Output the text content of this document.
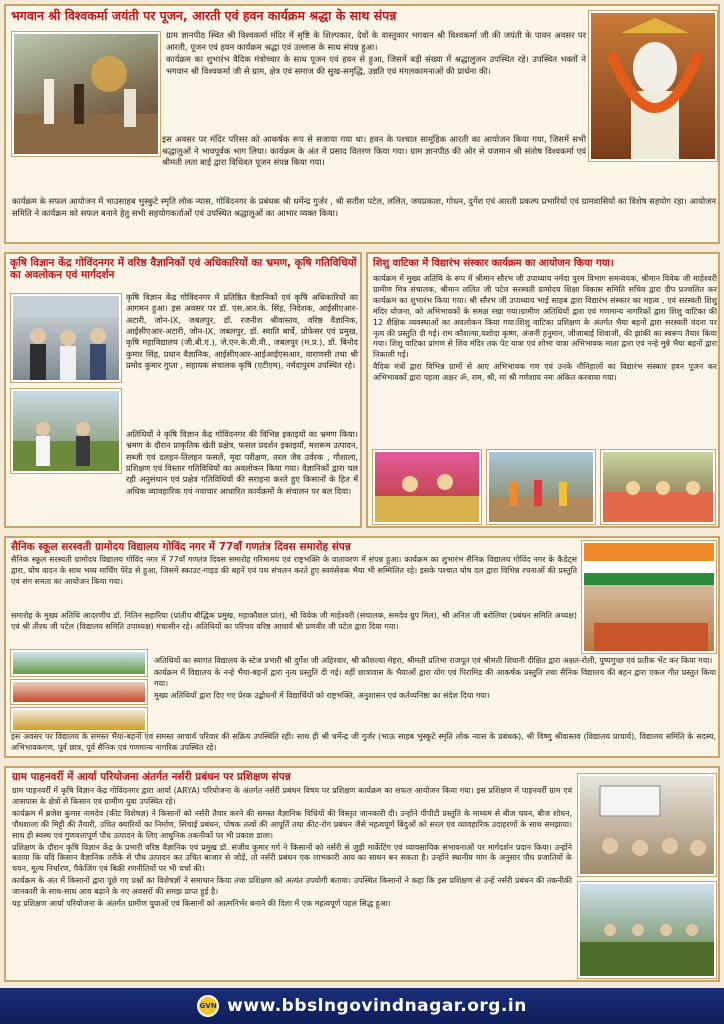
भगवान श्री विश्वकर्मा जयंती पर पूजन, आरती एवं हवन कार्यक्रम श्रद्धा के साथ संपन्न

ग्राम ज्ञानपीठ स्थित श्री विश्वकर्मा मंदिर में सृष्टि के शिल्पकार, देवों के वास्तुकार भगवान श्री विश्वकर्मा जी की जयंती के पावन अवसर पर आरती, पूजन एवं हवन कार्यक्रम श्रद्धा एवं उल्लास के साथ संपन्न हुआ।

कार्यक्रम का शुभारंभ वैदिक मंत्रोच्चार के साथ पूजन एवं हवन से हुआ, जिसमें बड़ी संख्या में श्रद्धालुजन उपस्थित रहे। उपस्थित भक्तों ने भगवान श्री विश्वकर्मा जी से ग्राम, क्षेत्र एवं समाज की सुख-समृद्धि, उन्नति एवं मंगलकामनाओं की प्रार्थना की।

इस अवसर पर मंदिर परिसर को आकर्षक रूप से सजाया गया था। हवन के पश्चात सामूहिक आरती का आयोजन किया गया, जिसमें सभी श्रद्धालुओं ने भावपूर्वक भाग लिया। कार्यक्रम के अंत में प्रसाद वितरण किया गया। ग्राम ज्ञानपीठ की ओर से यजमान श्री संतोष विश्वकर्मा एवं श्रीमती लता बाई द्वारा विधिवत पूजन संपन्न किया गया।

कार्यक्रम के सफल आयोजन में भाउसाहब भुस्कुटे स्मृति लोक न्यास, गोविंदनगर के प्रबंधक श्री धर्मेन्द्र गुर्जर , श्री सतीश पटेल, ललित, जयप्रकाश, गोधन, दुर्गेश एवं आरती प्रकल्प प्रभारियों एवं ग्रामवासियों का विशेष सहयोग रहा। आयोजन समिति ने कार्यक्रम को सफल बनाने हेतु सभी सहयोगकर्ताओं एवं उपस्थित श्रद्धालुओं का आभार व्यक्त किया।

कृषि विज्ञान केंद्र गोविंदनगर में वरिष्ठ वैज्ञानिकों एवं अधिकारियों का भ्रमण, कृषि गतिविधियों का अवलोकन एवं मार्गदर्शन

कृषि विज्ञान केंद्र गोविंदनगर में प्रतिष्ठित वैज्ञानिकों एवं कृषि अधिकारियों का आगमन हुआ। इस अवसर पर डॉ. एस.आर.के. सिंह, निदेशक, आईसीएआर-अटारी, जोन-IX, जबलपुर, डॉ. रजनीश श्रीवास्तव, वरिष्ठ वैज्ञानिक, आईसीएआर-अटारी, जोन-IX, जबलपुर, डॉ. स्वाति बार्चे, प्रोफेसर एवं प्रमुख, कृषि महाविद्यालय (जी.बी.ए.), जे.एन.के.वी.वी., जबलपुर (म.प्र.), डॉ. बिनोद कुमार सिंह, प्रधान वैज्ञानिक, आईसीएआर-आईआईएसआर, वाराणसी तथा श्री प्रमोद कुमार गुप्ता , सहायक संचालक कृषि (एटीएम), नर्मदापुरम उपस्थित रहे।

अतिथियों ने कृषि विज्ञान केंद्र गोविंदनगर की विभिन्न इकाइयों का भ्रमण किया। भ्रमण के दौरान प्राकृतिक खेती प्रक्षेत्र, फसल प्रदर्शन इकाइयाँ, मशरूम उत्पादन, सब्जी एवं दलहन-तिलहन फसलें, मृदा परीक्षण, तरल जैव उर्वरक , गौशाला, प्रशिक्षण एवं विस्तार गतिविधियों का अवलोकन किया गया। वैज्ञानिकों द्वारा चल रही अनुसंधान एवं प्रक्षेत्र गतिविधियों की सराहना करते हुए किसानों के हित में अधिक व्यावहारिक एवं नवाचार आधारित कार्यक्रमों के संचालन पर बल दिया।

शिशु वाटिका में विद्यारंभ संस्कार कार्यक्रम का आयोजन किया गया।

कार्यक्रम में मुख्य अतिथि के रूप में श्रीमान सौरभ जी उपाध्याय नर्मदा पुरम विभाग समन्वयक, श्रीमान विवेक जी माहेश्वरी ग्रामीण मित्र संचालक, श्रीमान ललित जी पटेल सरस्वती ग्रामोदय शिक्षा विकास समिति सचिव द्वारा दीप प्रज्वलित कर कार्यक्रम का शुभारंभ किया गया। श्री सौरभ जी उपाध्याय भाई साहब द्वारा विद्यारंभ संस्कार का महत्व , एवं सरस्वती शिशु मंदिर योजना, को अभिभावकों के समक्ष रखा गया।ग्रामीण अतिथियों द्वारा एवं गणमान्य नागरिकों द्वारा शिशु वाटिका की 12 शैक्षिक व्यवस्थाओं का अवलोकन किया गया।शिशु वाटिका प्रशिक्षण के अंतर्गत भैया बहनों द्वारा सरस्वती वंदना पर नृत्य की प्रस्तुति दी गई। राम कौशल्या,यशोदा कृष्ण, अंजनी हनुमान, जीजाबाई शिवाजी, की झांकी का स्वरूप तैयार किया गया। शिशु वाटिका प्रांगण से शिव मंदिर तक पेट यात्रा एवं शोभा यात्रा अभिभावक माता द्वारा एवं नन्हे मुन्ने भैया बहनों द्वारा निकाली गई।

वैदिक मंत्रों द्वारा विभिन्न ग्रामों से आए अभिभावक गण एवं उनके नौनिहालों का विद्यारंभ संस्कार हवन पूजन कर अभिभावकों द्वारा पहला अक्षर ॐ, राम, श्री, मां श्री गणेशाय नमः अंकित करवाया गया।

सैनिक स्कूल सरस्वती ग्रामोदय विद्यालय गोविंद नगर में 77वाँ गणतंत्र दिवस समारोह संपन्न

सैनिक स्कूल सरस्वती ग्रामोदय विद्यालय गोविंद नगर में 77वाँ गणतंत्र दिवस समारोह गरिमामय एवं राष्ट्रभक्ति के वातावरण में संपन्न हुआ। कार्यक्रम का शुभारंभ सैनिक विद्यालय गोविंद नगर के कैडेट्स द्वारा, घोष वादन के साथ भव्य मार्चिंग पेरेड से हुआ, जिसमें स्काउट-गाइड की बहनें एवं पथ संचलन करते हुए स्वयंसेवक भैया भी सम्मिलित रहे। इसके पश्चात घोष दल द्वारा विभिन्न रचनाओं की प्रस्तुति एवं संग समता का आयोजन किया गया।

समारोह के मुख्य अतिथि आदरणीय डॉ. नितिन सहारिया (प्रांतीय बौद्धिक प्रमुख, महाकौशल प्रांत), श्री विवेक जी माहेश्वरी (संचालक, समदेव ग्रुप मिल), श्री अनिल जी बरोलिया (प्रबंधन समिति अध्यक्ष) एवं श्री तीरथ जी पटेल (विद्यालय समिति उपाध्यक्ष) मंचासीन रहे। अतिथियों का परिचय वरिष्ठ आचार्य श्री प्रणवीर जी पटेल द्वारा दिया गया।

अतिथियों का स्वागत विद्यालय के स्टेज प्रभारी श्री दुर्गेश जी अहिरवार, श्री कौशल्या मेहरा, श्रीमती प्रतिभा राजपूत एवं श्रीमती शिवानी दीक्षित द्वारा अक्षत-रोली, पुष्पगुच्छ एवं प्रतीक भेंट कर किया गया।

कार्यक्रम में विद्यालय के नन्हे भैया-बहनों द्वारा नृत्य प्रस्तुति दी गई। वहीं छात्रावास के भैयाओं द्वारा योग एवं पिरामिड की आकर्षक प्रस्तुति तथा सैनिक विद्यालय की बहन द्वारा एकल गीत प्रस्तुत किया गया।

मुख्य अतिथियों द्वारा दिए गए प्रेरक उद्बोधनों में विद्यार्थियों को राष्ट्रभक्ति, अनुशासन एवं कर्तव्यनिष्ठा का संदेश दिया गया।

इस अवसर पर विद्यालय के समस्त भैया-बहनों एवं समस्त आचार्य परिवार की सक्रिय उपस्थिति रही। साथ ही श्री धर्मेन्द्र जी गुर्जर (भाऊ साहब भुस्कुटे स्मृति लोक न्यास के प्रबंधक), श्री विष्णु श्रीवास्तव (विद्यालय प्राचार्य), विद्यालय समिति के सदस्य, अभिभावकगण, पूर्व छात्र, पूर्व सैनिक एवं गणमान्य नागरिक उपस्थित रहे।

ग्राम पाहनवर्री में आर्या परियोजना अंतर्गत नर्सरी प्रबंधन पर प्रशिक्षण संपन्न

ग्राम पाहनवर्री में कृषि विज्ञान केंद्र गोविंदनगर द्वारा आर्या (ARYA) परियोजना के अंतर्गत नर्सरी प्रबंधन विषय पर प्रशिक्षण कार्यक्रम का सफल आयोजन किया गया। इस प्रशिक्षण में पाहनवर्री ग्राम एवं आसपास के क्षेत्रों से किसान एवं ग्रामीण युवा उपस्थित रहे।

कार्यक्रम में ब्रजेश कुमार नामदेव (कीट विशेषज्ञ) ने किसानों को नर्सरी तैयार करने की समस्त वैज्ञानिक विधियों की विस्तृत जानकारी दी। उन्होंने पीपीटी प्रस्तुति के माध्यम से बीज चयन, बीज शोधन, पौधशाला की मिट्टी की तैयारी, उचित क्यारियों का निर्माण, सिंचाई प्रबंधन, पोषक तत्वों की आपूर्ति तथा कीट-रोग प्रबंधन जैसे महत्वपूर्ण बिंदुओं को सरल एवं व्यावहारिक उदाहरणों के साथ समझाया। साथ ही स्वस्थ एवं गुणवत्तापूर्ण पौध उत्पादन के लिए आधुनिक तकनीकों पर भी प्रकाश डाला।

प्रशिक्षण के दौरान कृषि विज्ञान केंद्र के प्रभारी वरिष्ठ वैज्ञानिक एवं प्रमुख डॉ. संजीव कुमार गर्ग ने किसानों को नर्सरी से जुड़ी मार्केटिंग एवं व्यावसायिक संभावनाओं पर मार्गदर्शन प्रदान किया। उन्होंने बताया कि यदि किसान वैज्ञानिक तरीके से पौध उत्पादन कर उचित बाजार से जोड़ें, तो नर्सरी प्रबंधन एक लाभकारी आय का साधन बन सकता है। उन्होंने स्थानीय मांग के अनुसार पौध प्रजातियों के चयन, मूल्य निर्धारण, पैकेजिंग एवं बिक्री रणनीतियों पर भी चर्चा की।

कार्यक्रम के अंत में किसानों द्वारा पूछे गए प्रश्नों का विशेषज्ञों ने समाधान किया तथा प्रशिक्षण को अत्यंत उपयोगी बताया। उपस्थित किसानों ने कहा कि इस प्रशिक्षण से उन्हें नर्सरी प्रबंधन की तकनीकी जानकारी के साथ-साथ आय बढ़ाने के नए अवसरों की समझ प्राप्त हुई है।

यह प्रशिक्षण आर्या परियोजना के अंतर्गत ग्रामीण युवाओं एवं किसानों को आत्मनिर्भर बनाने की दिशा में एक महत्वपूर्ण पहल सिद्ध हुआ।

GVN www.bbslngovindnagar.org.in
